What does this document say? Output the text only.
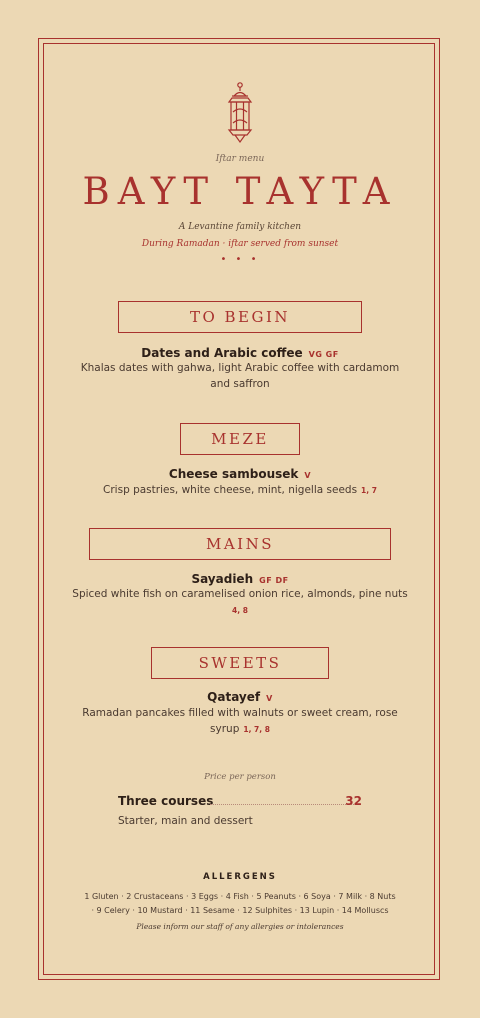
Iftar menu
BAYT TAYTA
A Levantine family kitchen
During Ramadan · iftar served from sunset
• • •
TO BEGIN
Dates and Arabic coffee VG GF
Khalas dates with gahwa, light Arabic coffee with cardamom and saffron
MEZE
Cheese sambousek V
Crisp pastries, white cheese, mint, nigella seeds 1, 7
MAINS
Sayadieh GF DF
Spiced white fish on caramelised onion rice, almonds, pine nuts
4, 8
SWEETS
Qatayef V
Ramadan pancakes filled with walnuts or sweet cream, rose syrup 1, 7, 8
Price per person
Three courses	32
Starter, main and dessert
ALLERGENS
1 Gluten · 2 Crustaceans · 3 Eggs · 4 Fish · 5 Peanuts · 6 Soya · 7 Milk · 8 Nuts
· 9 Celery · 10 Mustard · 11 Sesame · 12 Sulphites · 13 Lupin · 14 Molluscs
Please inform our staff of any allergies or intolerances
